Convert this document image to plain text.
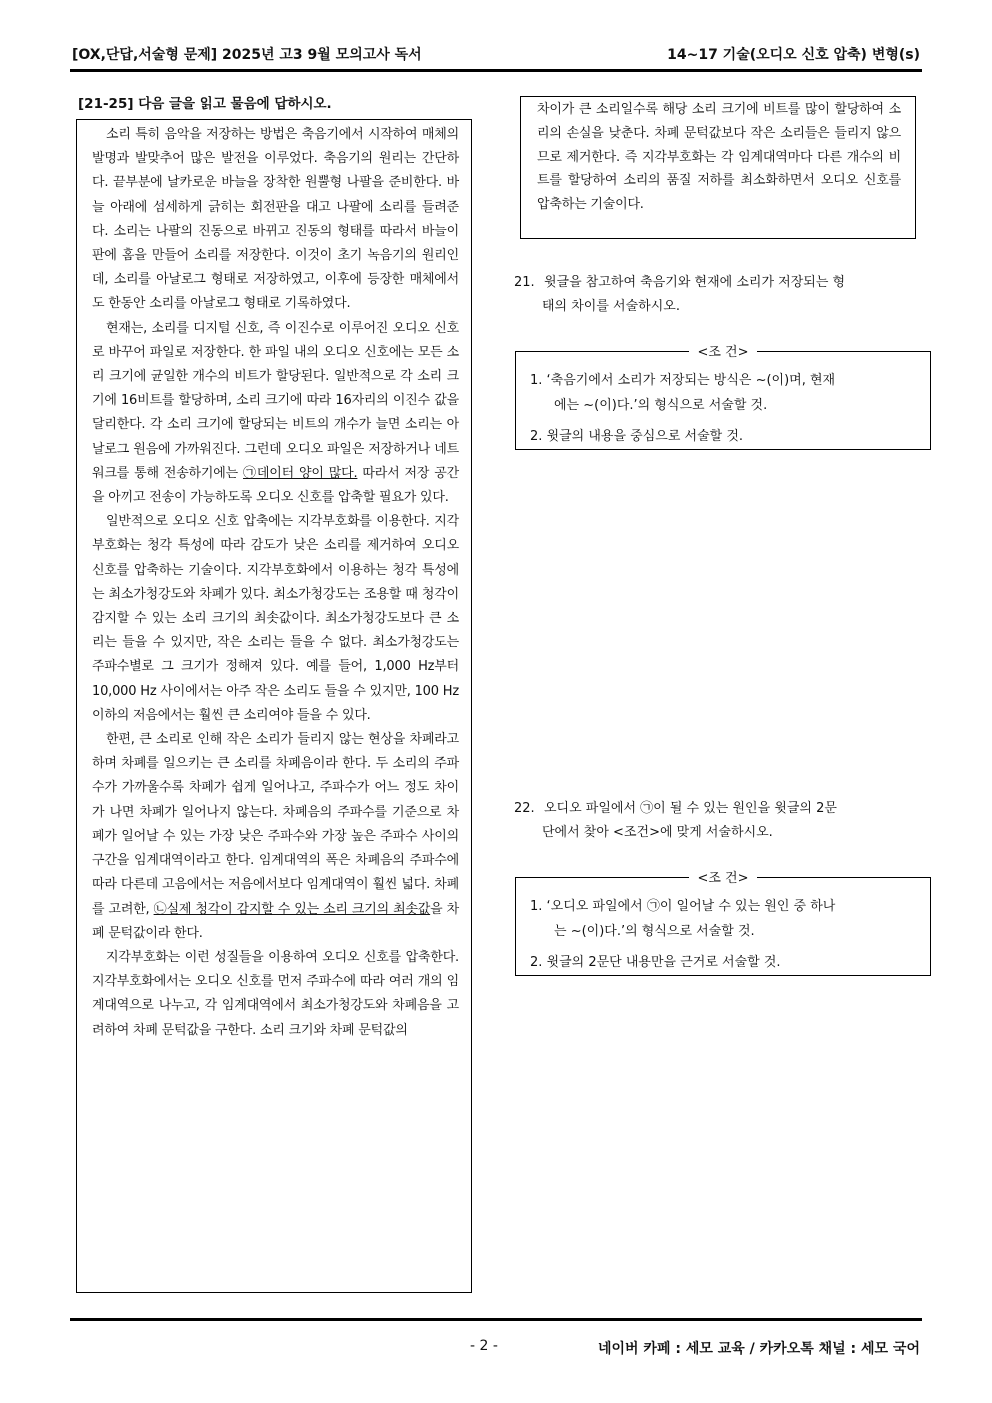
[OX,단답,서술형 문제] 2025년 고3 9월 모의고사 독서	14~17 기술(오디오 신호 압축) 변형(s)
[21-25] 다음 글을 읽고 물음에 답하시오.

소리 특히 음악을 저장하는 방법은 축음기에서 시작하여 매체의 발명과 발맞추어 많은 발전을 이루었다. 축음기의 원리는 간단하다. 끝부분에 날카로운 바늘을 장착한 원뿔형 나팔을 준비한다. 바늘 아래에 섬세하게 긁히는 회전판을 대고 나팔에 소리를 들려준다. 소리는 나팔의 진동으로 바뀌고 진동의 형태를 따라서 바늘이 판에 홈을 만들어 소리를 저장한다. 이것이 초기 녹음기의 원리인데, 소리를 아날로그 형태로 저장하였고, 이후에 등장한 매체에서도 한동안 소리를 아날로그 형태로 기록하였다.

현재는, 소리를 디지털 신호, 즉 이진수로 이루어진 오디오 신호로 바꾸어 파일로 저장한다. 한 파일 내의 오디오 신호에는 모든 소리 크기에 균일한 개수의 비트가 할당된다. 일반적으로 각 소리 크기에 16비트를 할당하며, 소리 크기에 따라 16자리의 이진수 값을 달리한다. 각 소리 크기에 할당되는 비트의 개수가 늘면 소리는 아날로그 원음에 가까워진다. 그런데 오디오 파일은 저장하거나 네트워크를 통해 전송하기에는 ㉠데이터 양이 많다. 따라서 저장 공간을 아끼고 전송이 가능하도록 오디오 신호를 압축할 필요가 있다.

일반적으로 오디오 신호 압축에는 지각부호화를 이용한다. 지각부호화는 청각 특성에 따라 감도가 낮은 소리를 제거하여 오디오 신호를 압축하는 기술이다. 지각부호화에서 이용하는 청각 특성에는 최소가청강도와 차폐가 있다. 최소가청강도는 조용할 때 청각이 감지할 수 있는 소리 크기의 최솟값이다. 최소가청강도보다 큰 소리는 들을 수 있지만, 작은 소리는 들을 수 없다. 최소가청강도는 주파수별로 그 크기가 정해져 있다. 예를 들어, 1,000 Hz부터 10,000 Hz 사이에서는 아주 작은 소리도 들을 수 있지만, 100 Hz 이하의 저음에서는 훨씬 큰 소리여야 들을 수 있다.

한편, 큰 소리로 인해 작은 소리가 들리지 않는 현상을 차폐라고 하며 차폐를 일으키는 큰 소리를 차폐음이라 한다. 두 소리의 주파수가 가까울수록 차폐가 쉽게 일어나고, 주파수가 어느 정도 차이가 나면 차폐가 일어나지 않는다. 차폐음의 주파수를 기준으로 차폐가 일어날 수 있는 가장 낮은 주파수와 가장 높은 주파수 사이의 구간을 임계대역이라고 한다. 임계대역의 폭은 차폐음의 주파수에 따라 다른데 고음에서는 저음에서보다 임계대역이 훨씬 넓다. 차폐를 고려한, ㉡실제 청각이 감지할 수 있는 소리 크기의 최솟값을 차폐 문턱값이라 한다.

지각부호화는 이런 성질들을 이용하여 오디오 신호를 압축한다. 지각부호화에서는 오디오 신호를 먼저 주파수에 따라 여러 개의 임계대역으로 나누고, 각 임계대역에서 최소가청강도와 차폐음을 고려하여 차폐 문턱값을 구한다. 소리 크기와 차폐 문턱값의

차이가 큰 소리일수록 해당 소리 크기에 비트를 많이 할당하여 소리의 손실을 낮춘다. 차폐 문턱값보다 작은 소리들은 들리지 않으므로 제거한다. 즉 지각부호화는 각 임계대역마다 다른 개수의 비트를 할당하여 소리의 품질 저하를 최소화하면서 오디오 신호를 압축하는 기술이다.
21. 윗글을 참고하여 축음기와 현재에 소리가 저장되는 형
태의 차이를 서술하시오.
<조 건>
1. ‘축음기에서 소리가 저장되는 방식은 ~(이)며, 현재
에는 ~(이)다.’의 형식으로 서술할 것.
2. 윗글의 내용을 중심으로 서술할 것.
22. 오디오 파일에서 ㉠이 될 수 있는 원인을 윗글의 2문
단에서 찾아 <조건>에 맞게 서술하시오.
<조 건>
1. ‘오디오 파일에서 ㉠이 일어날 수 있는 원인 중 하나
는 ~(이)다.’의 형식으로 서술할 것.
2. 윗글의 2문단 내용만을 근거로 서술할 것.
- 2 -	네이버 카페 : 세모 교육 / 카카오톡 채널 : 세모 국어
